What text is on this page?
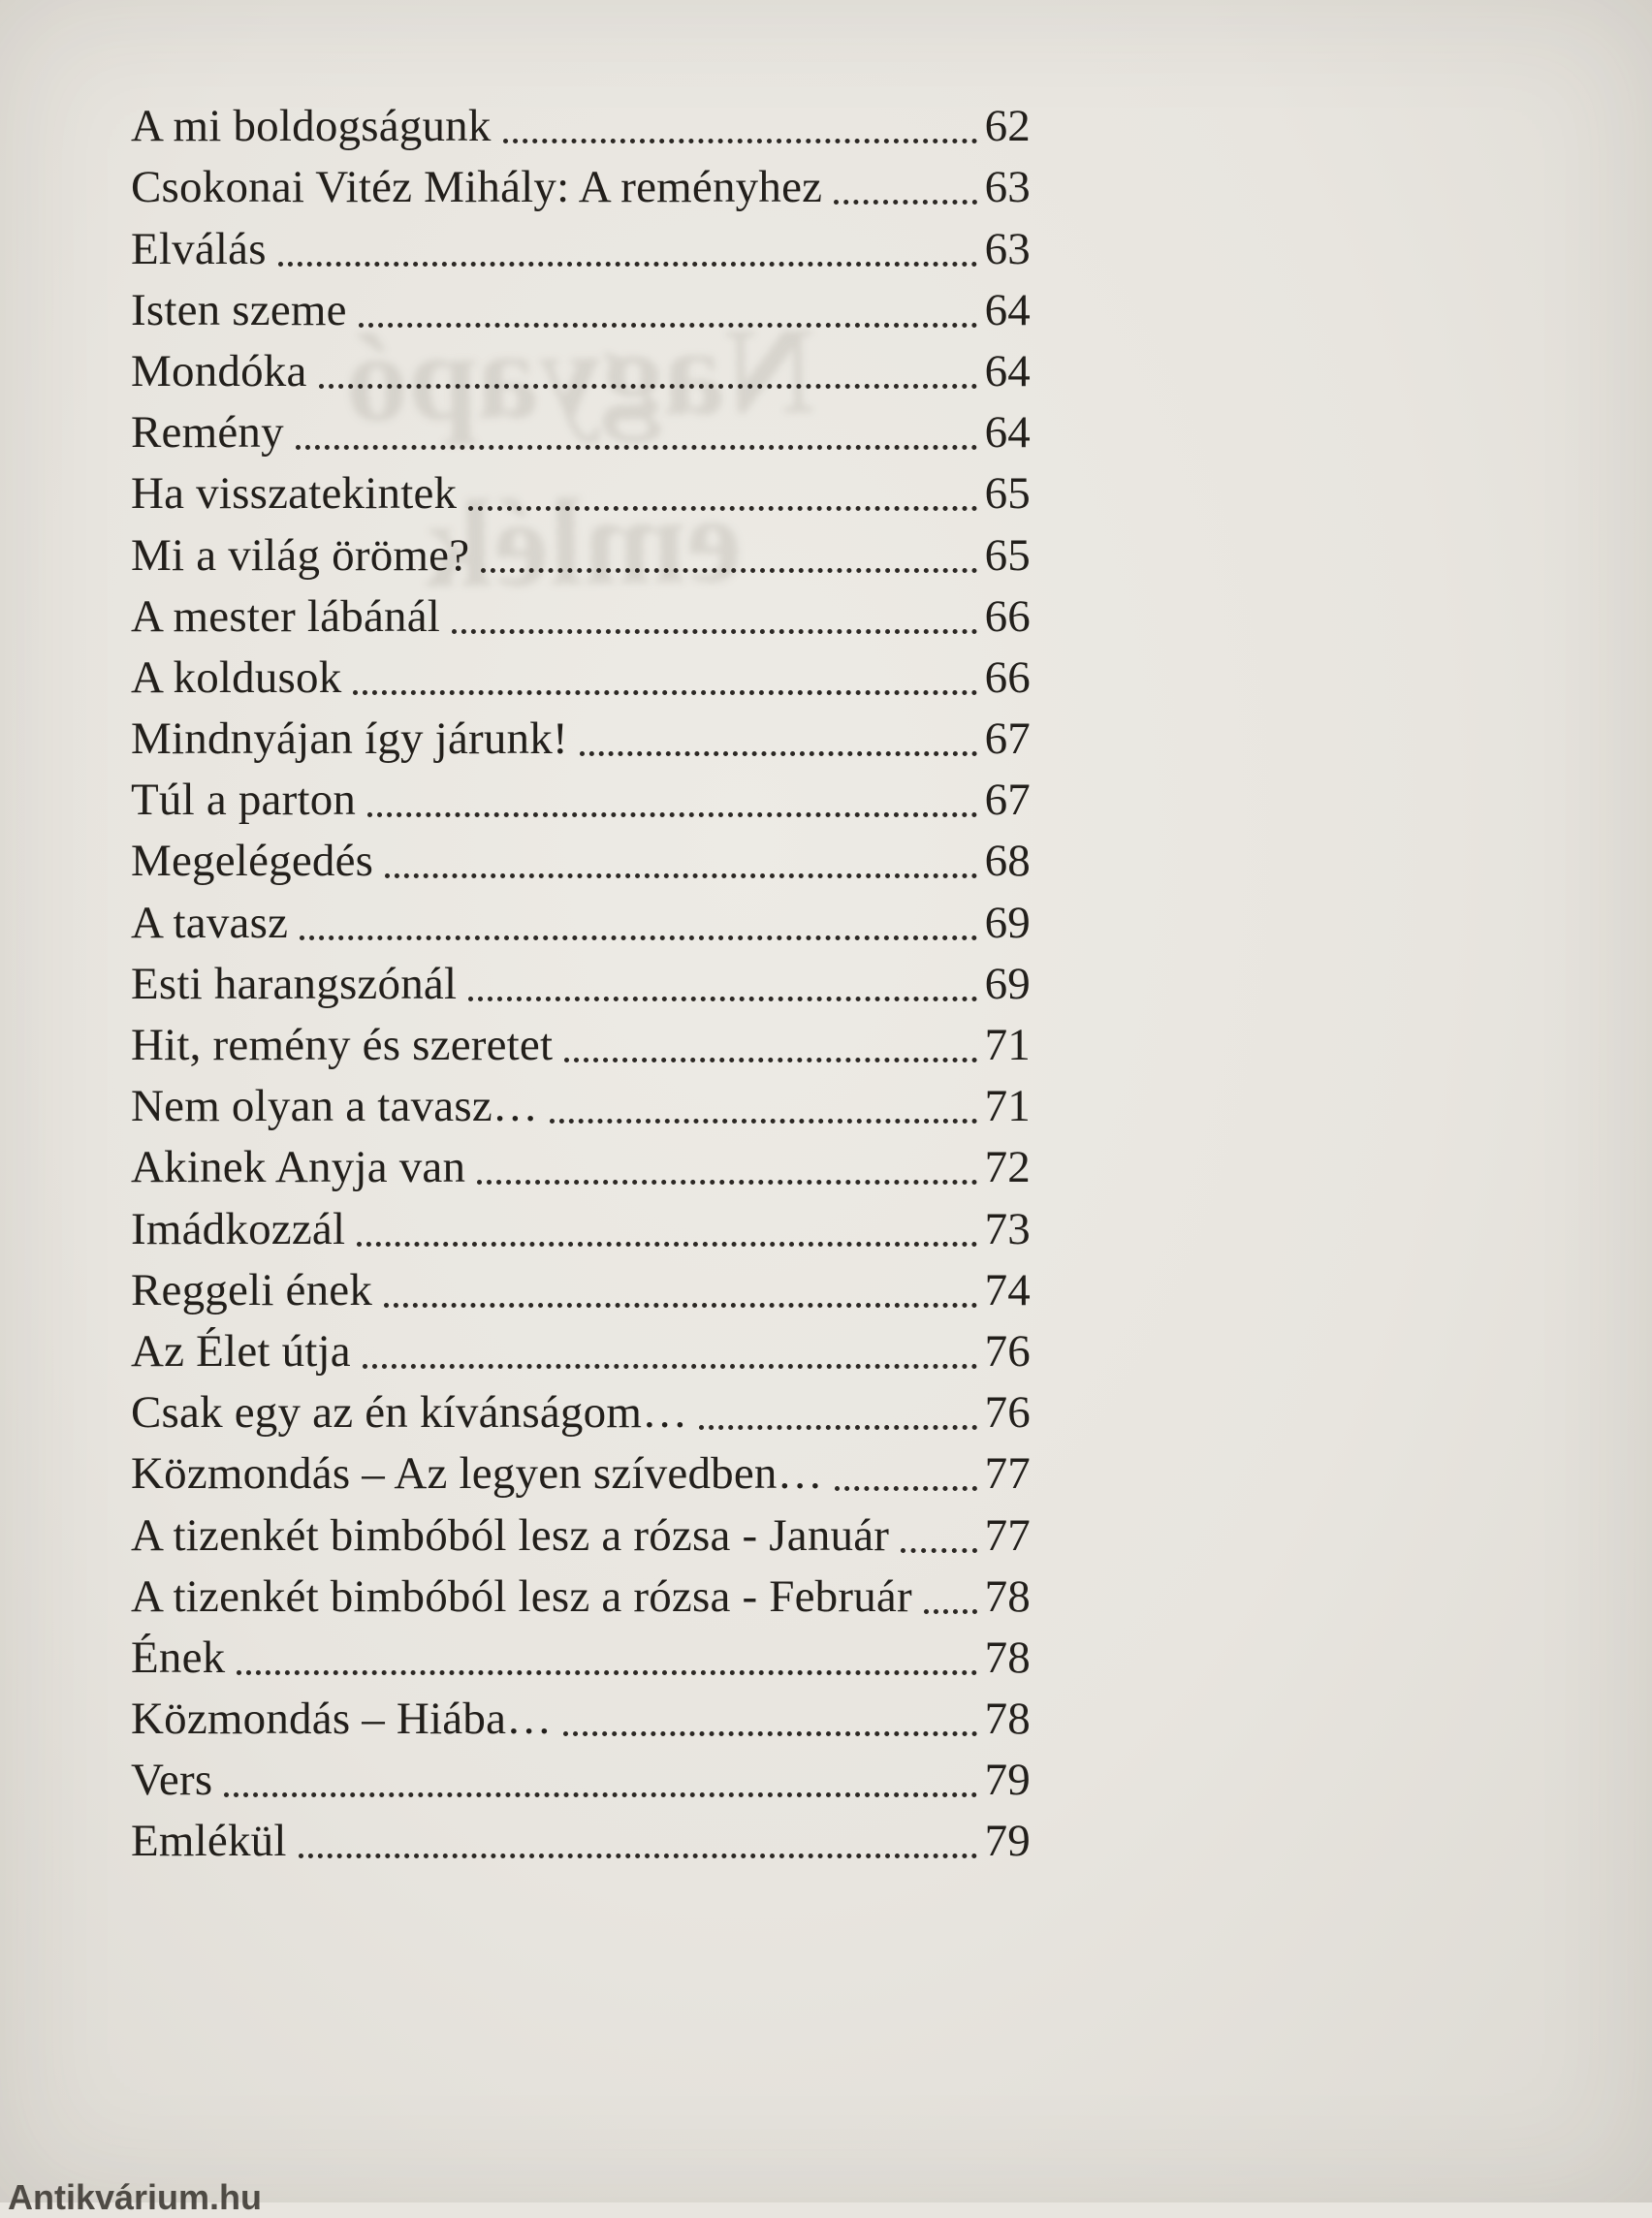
Nagyapó
emlék
A mi boldogságunk	62
Csokonai Vitéz Mihály: A reményhez	63
Elválás	63
Isten szeme	64
Mondóka	64
Remény	64
Ha visszatekintek	65
Mi a világ öröme?	65
A mester lábánál	66
A koldusok	66
Mindnyájan így járunk!	67
Túl a parton	67
Megelégedés	68
A tavasz	69
Esti harangszónál	69
Hit, remény és szeretet	71
Nem olyan a tavasz…	71
Akinek Anyja van	72
Imádkozzál	73
Reggeli ének	74
Az Élet útja	76
Csak egy az én kívánságom…	76
Közmondás – Az legyen szívedben…	77
A tizenkét bimbóból lesz a rózsa - Január 77
A tizenkét bimbóból lesz a rózsa - Február 78
Ének	78
Közmondás – Hiába…	78
Vers	79
Emlékül	79
Antikvárium.hu
